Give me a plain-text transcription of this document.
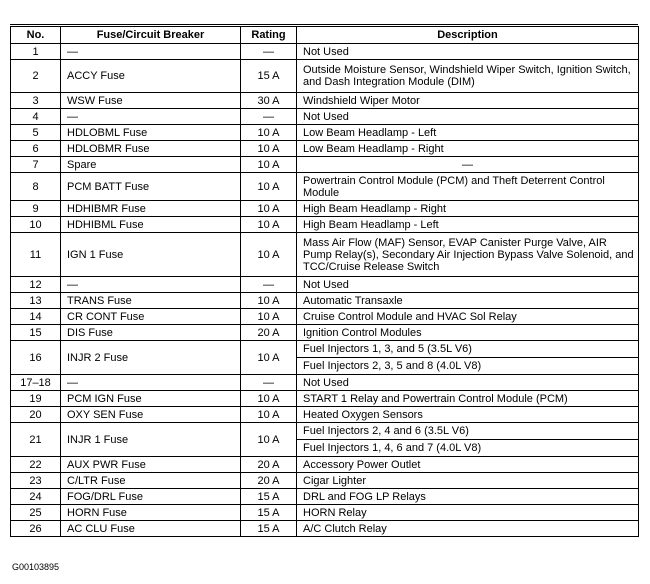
No.	Fuse/Circuit Breaker	Rating	Description
1	—	—	Not Used
2	ACCY Fuse	15 A	Outside Moisture Sensor, Windshield Wiper Switch, Ignition Switch, and Dash Integration Module (DIM)
3	WSW Fuse	30 A	Windshield Wiper Motor
4	—	—	Not Used
5	HDLOBML Fuse	10 A	Low Beam Headlamp - Left
6	HDLOBMR Fuse	10 A	Low Beam Headlamp - Right
7	Spare	10 A	—
8	PCM BATT Fuse	10 A	Powertrain Control Module (PCM) and Theft Deterrent Control Module
9	HDHIBMR Fuse	10 A	High Beam Headlamp - Right
10	HDHIBML Fuse	10 A	High Beam Headlamp - Left
11	IGN 1 Fuse	10 A	Mass Air Flow (MAF) Sensor, EVAP Canister Purge Valve, AIR Pump Relay(s), Secondary Air Injection Bypass Valve Solenoid, and TCC/Cruise Release Switch
12	—	—	Not Used
13	TRANS Fuse	10 A	Automatic Transaxle
14	CR CONT Fuse	10 A	Cruise Control Module and HVAC Sol Relay
15	DIS Fuse	20 A	Ignition Control Modules
16	INJR 2 Fuse	10 A	Fuel Injectors 1, 3, and 5 (3.5L V6)
			Fuel Injectors 2, 3, 5 and 8 (4.0L V8)
17–18	—	—	Not Used
19	PCM IGN Fuse	10 A	START 1 Relay and Powertrain Control Module (PCM)
20	OXY SEN Fuse	10 A	Heated Oxygen Sensors
21	INJR 1 Fuse	10 A	Fuel Injectors 2, 4 and 6 (3.5L V6)
			Fuel Injectors 1, 4, 6 and 7 (4.0L V8)
22	AUX PWR Fuse	20 A	Accessory Power Outlet
23	C/LTR Fuse	20 A	Cigar Lighter
24	FOG/DRL Fuse	15 A	DRL and FOG LP Relays
25	HORN Fuse	15 A	HORN Relay
26	AC CLU Fuse	15 A	A/C Clutch Relay
G00103895
